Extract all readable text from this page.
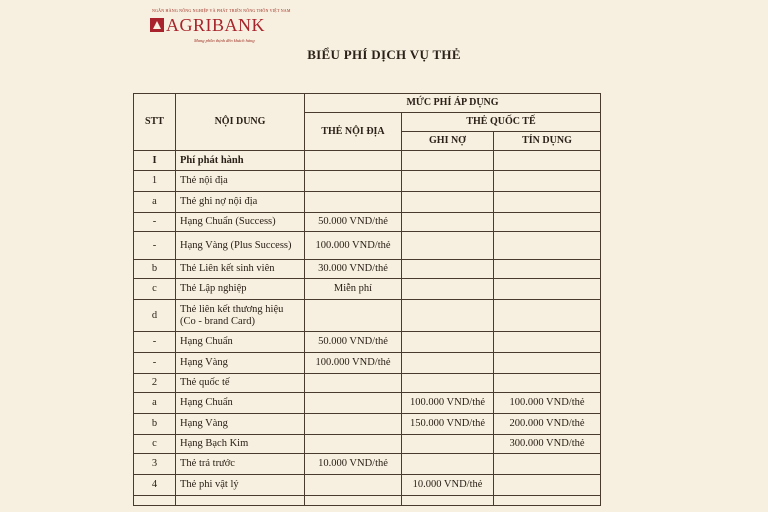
NGÂN HÀNG NÔNG NGHIỆP VÀ PHÁT TRIỂN NÔNG THÔN VIỆT NAM
AGRIBANK
Mang phồn thịnh đến khách hàng
BIỂU PHÍ DỊCH VỤ THẺ
STT	NỘI DUNG	MỨC PHÍ ÁP DỤNG		
		THẺ NỘI ĐỊA	THẺ QUỐC TẾ	
			GHI NỢ	TÍN DỤNG
I	Phí phát hành			
1	Thẻ nội địa			
a	Thẻ ghi nợ nội địa			
-	Hạng Chuẩn (Success)	50.000 VND/thẻ		
-	Hạng Vàng (Plus Success)	100.000 VND/thẻ		
b	Thẻ Liên kết sinh viên	30.000 VND/thẻ		
c	Thẻ Lập nghiệp	Miễn phí		
d	Thẻ liên kết thương hiệu (Co - brand Card)			
-	Hạng Chuẩn	50.000 VND/thẻ		
-	Hạng Vàng	100.000 VND/thẻ		
2	Thẻ quốc tế			
a	Hạng Chuẩn		100.000 VND/thẻ	100.000 VND/thẻ
b	Hạng Vàng		150.000 VND/thẻ	200.000 VND/thẻ
c	Hạng Bạch Kim			300.000 VND/thẻ
3	Thẻ trả trước	10.000 VND/thẻ		
4	Thẻ phi vật lý		10.000 VND/thẻ	
